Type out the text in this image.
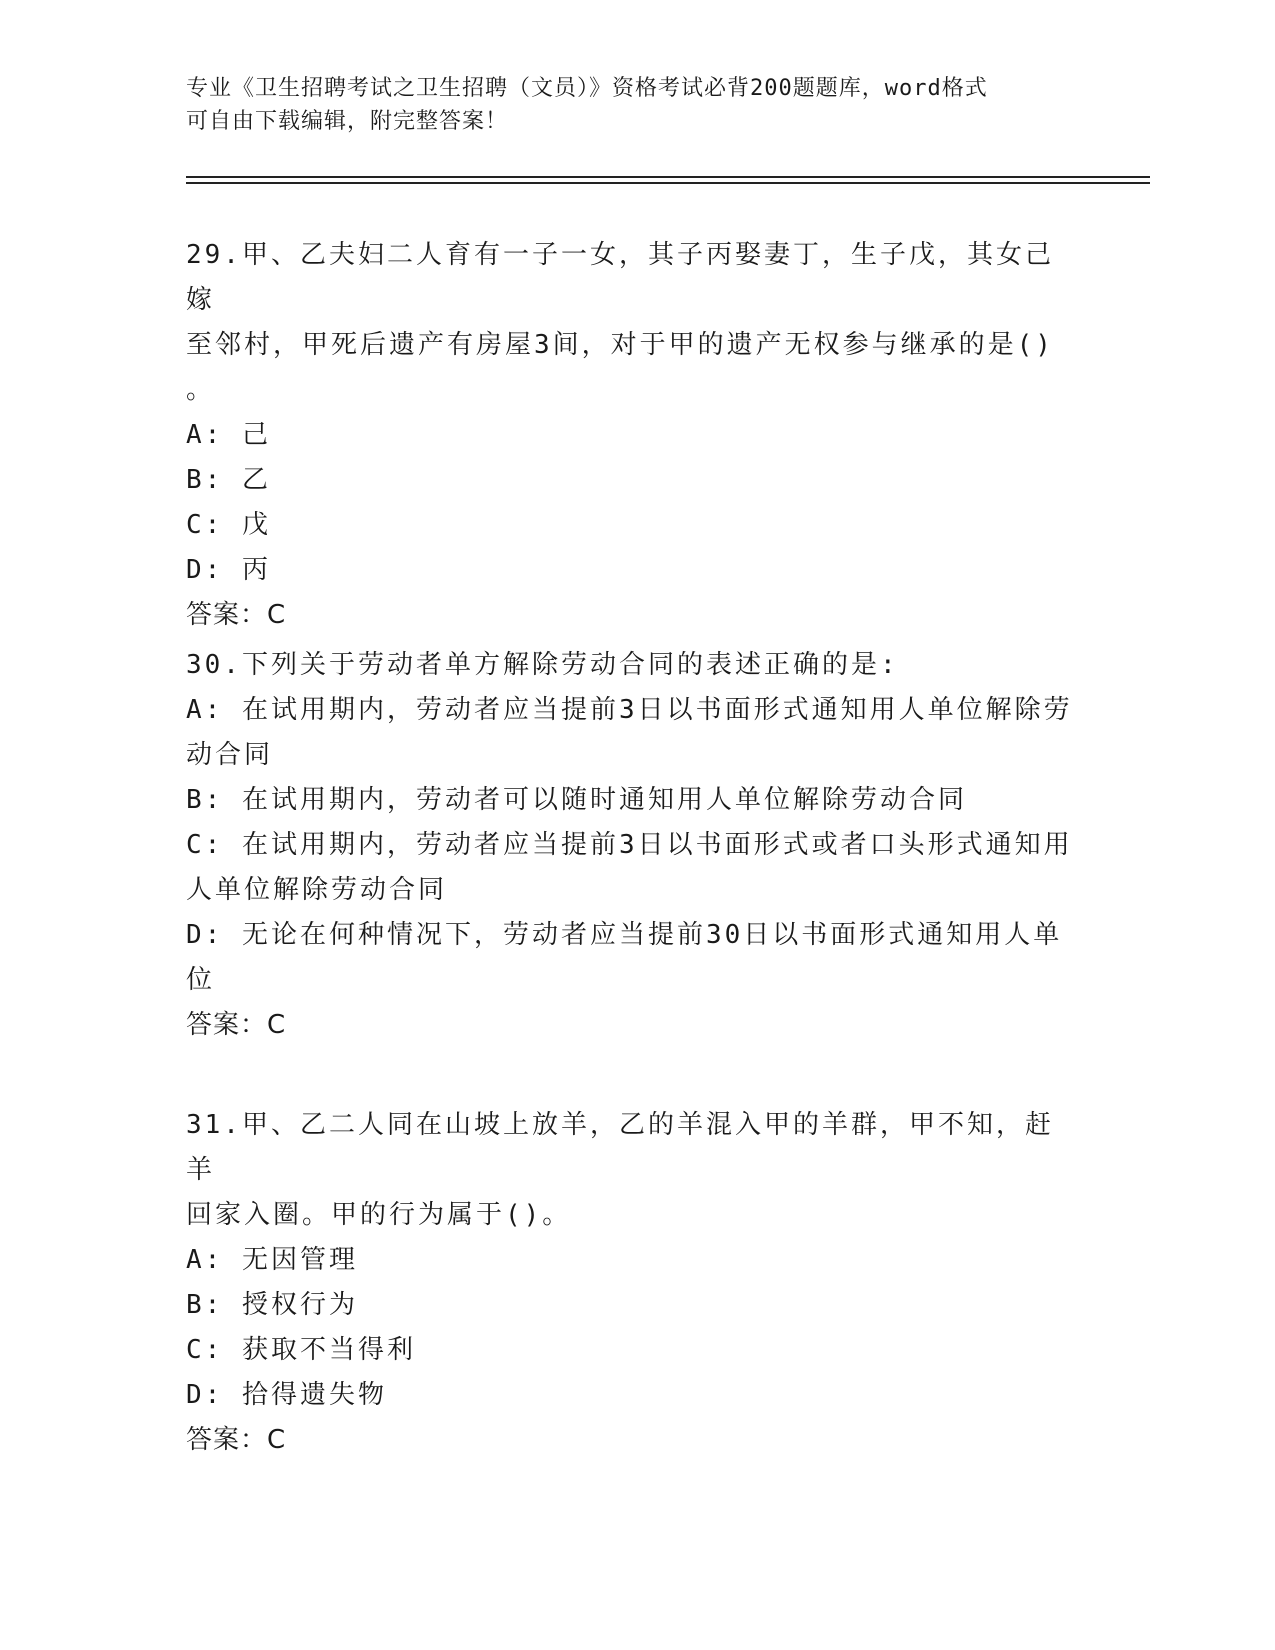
专业《卫生招聘考试之卫生招聘（文员）》资格考试必背200题题库，word格式
可自由下载编辑，附完整答案！
29.甲、乙夫妇二人育有一子一女，其子丙娶妻丁，生子戊，其女己嫁
至邻村，甲死后遗产有房屋3间，对于甲的遗产无权参与继承的是()
。
A: 己
B: 乙
C: 戊
D: 丙
答案：C
30.下列关于劳动者单方解除劳动合同的表述正确的是:
A: 在试用期内，劳动者应当提前3日以书面形式通知用人单位解除劳
动合同
B: 在试用期内，劳动者可以随时通知用人单位解除劳动合同
C: 在试用期内，劳动者应当提前3日以书面形式或者口头形式通知用
人单位解除劳动合同
D: 无论在何种情况下，劳动者应当提前30日以书面形式通知用人单
位
答案：C
31.甲、乙二人同在山坡上放羊，乙的羊混入甲的羊群，甲不知，赶羊
回家入圈。甲的行为属于()。
A: 无因管理
B: 授权行为
C: 获取不当得利
D: 拾得遗失物
答案：C
